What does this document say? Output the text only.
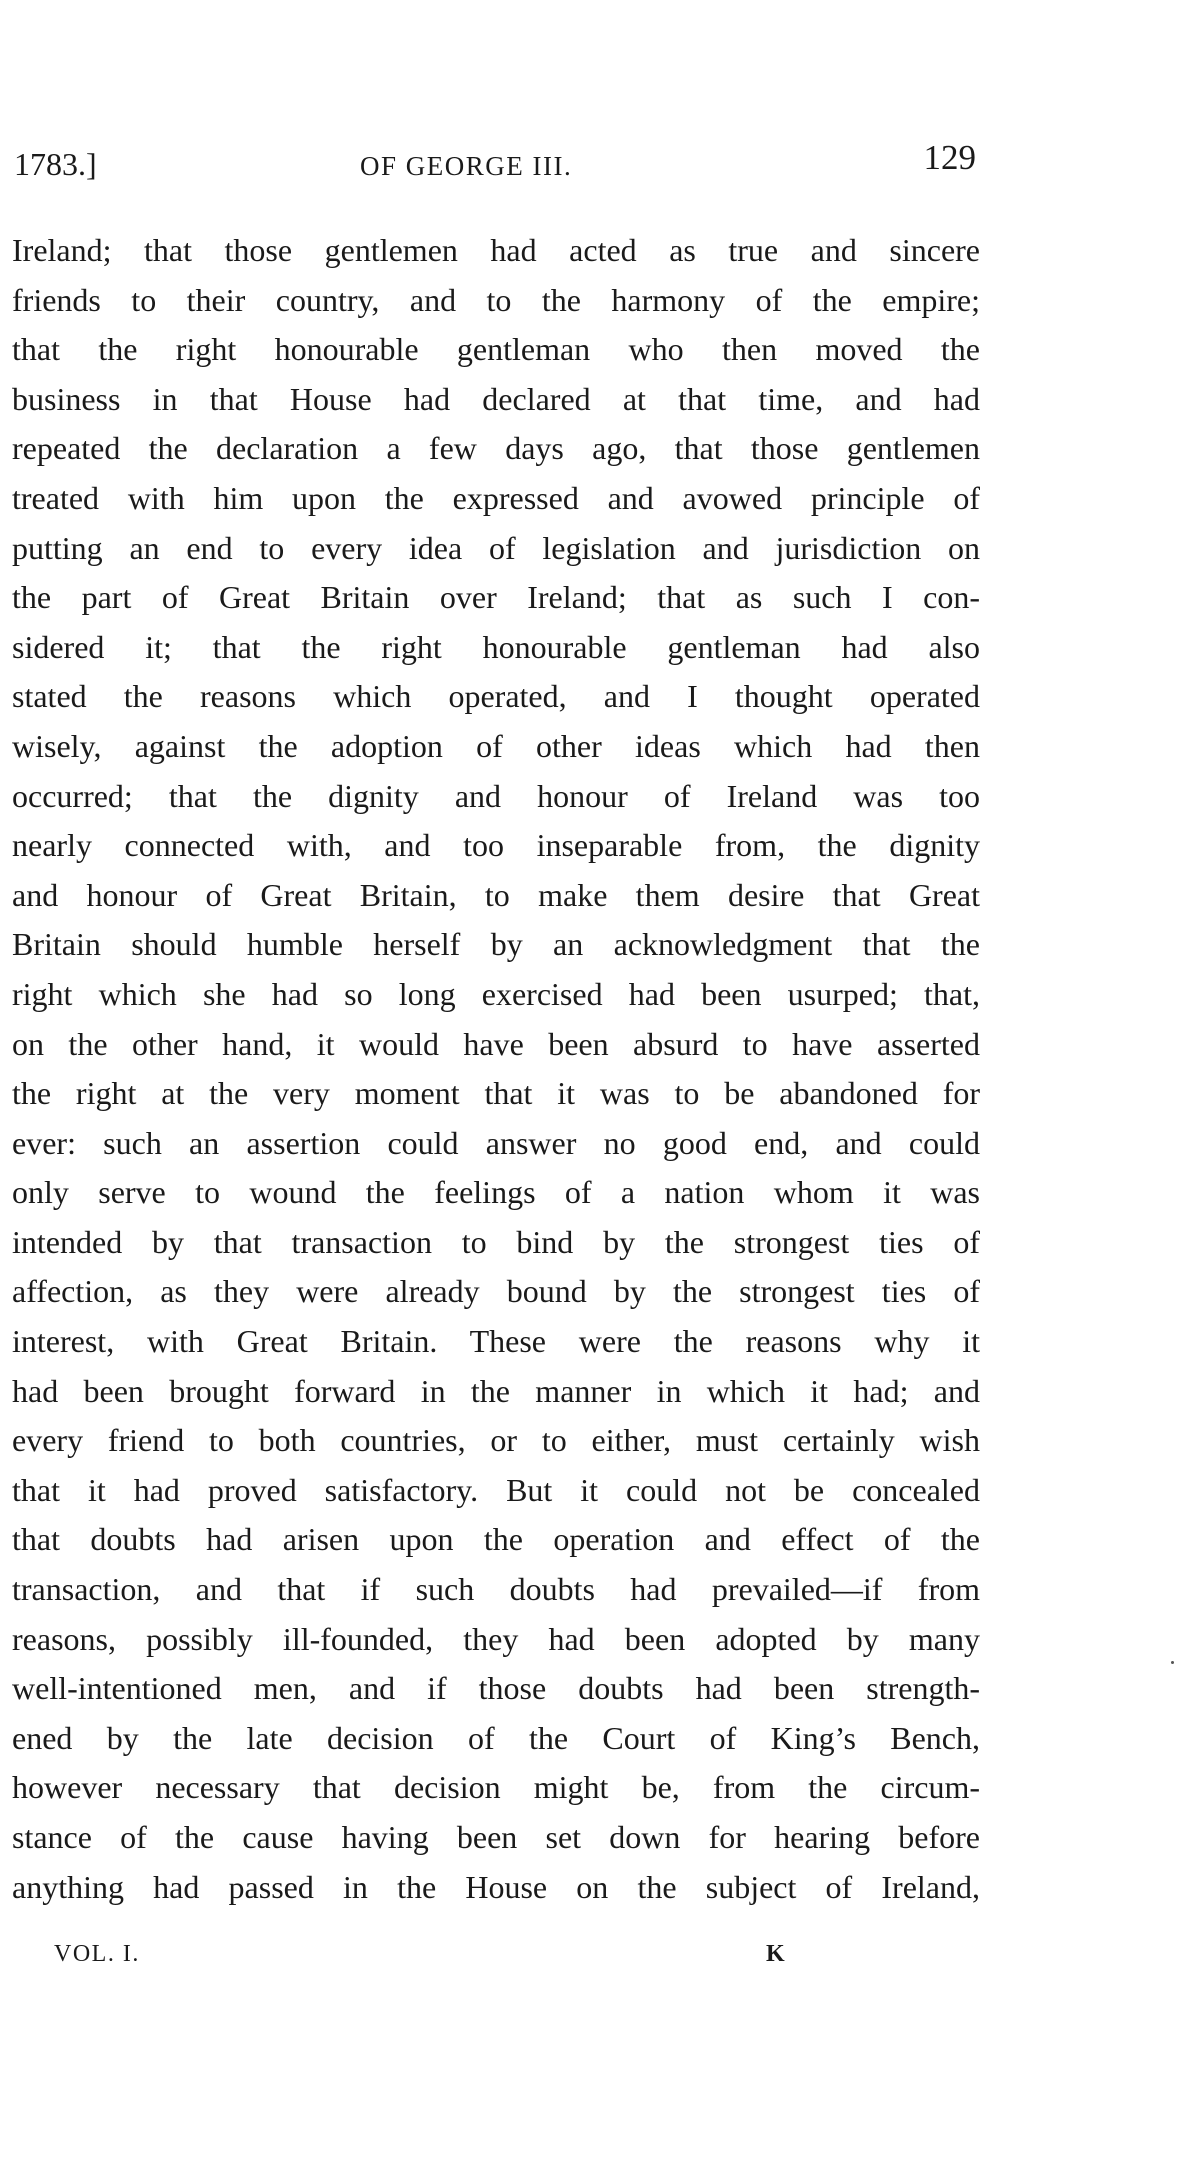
1783.]	OF GEORGE III.	129
Ireland; that those gentlemen had acted as true and sincere
friends to their country, and to the harmony of the empire;
that the right honourable gentleman who then moved the
business in that House had declared at that time, and had
repeated the declaration a few days ago, that those gentlemen
treated with him upon the expressed and avowed principle of
putting an end to every idea of legislation and jurisdiction on
the part of Great Britain over Ireland; that as such I con-
sidered it; that the right honourable gentleman had also
stated the reasons which operated, and I thought operated
wisely, against the adoption of other ideas which had then
occurred; that the dignity and honour of Ireland was too
nearly connected with, and too inseparable from, the dignity
and honour of Great Britain, to make them desire that Great
Britain should humble herself by an acknowledgment that the
right which she had so long exercised had been usurped; that,
on the other hand, it would have been absurd to have asserted
the right at the very moment that it was to be abandoned for
ever: such an assertion could answer no good end, and could
only serve to wound the feelings of a nation whom it was
intended by that transaction to bind by the strongest ties of
affection, as they were already bound by the strongest ties of
interest, with Great Britain. These were the reasons why it
had been brought forward in the manner in which it had; and
every friend to both countries, or to either, must certainly wish
that it had proved satisfactory. But it could not be concealed
that doubts had arisen upon the operation and effect of the
transaction, and that if such doubts had prevailed—if from
reasons, possibly ill-founded, they had been adopted by many
well-intentioned men, and if those doubts had been strength-
ened by the late decision of the Court of King’s Bench,
however necessary that decision might be, from the circum-
stance of the cause having been set down for hearing before
anything had passed in the House on the subject of Ireland,
VOL. I.	K
